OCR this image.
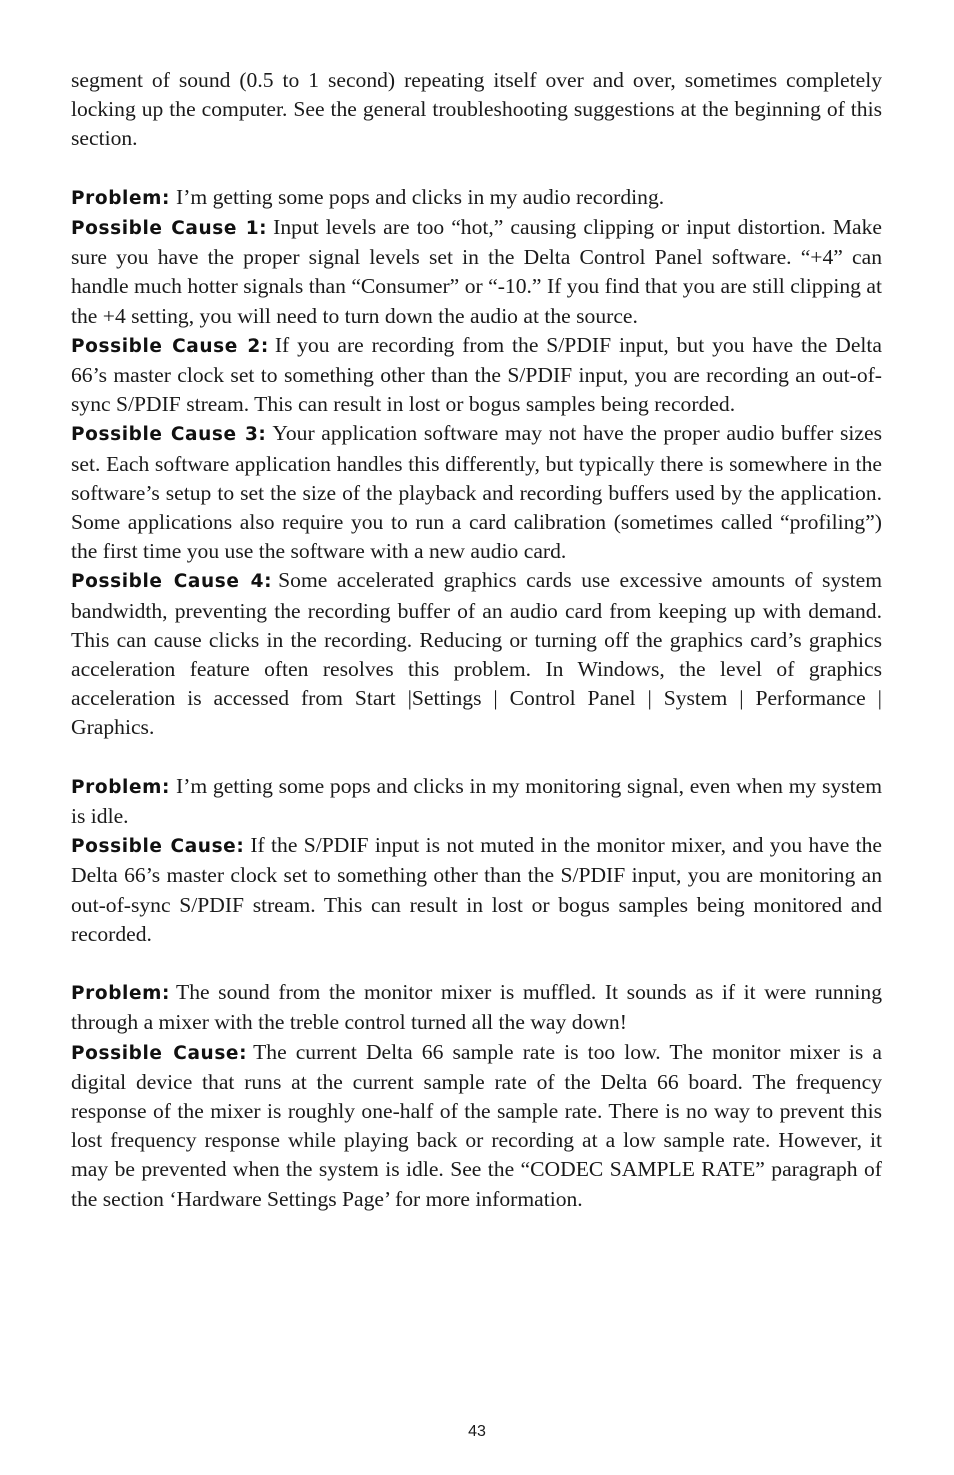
segment of sound (0.5 to 1 second) repeating itself over and over, sometimes completely locking up the computer. See the general troubleshooting suggestions at the beginning of this section.

Problem: I’m getting some pops and clicks in my audio recording.

Possible Cause 1: Input levels are too “hot,” causing clipping or input distortion. Make sure you have the proper signal levels set in the Delta Control Panel software. “+4” can handle much hotter signals than “Consumer” or “-10.” If you find that you are still clipping at the +4 setting, you will need to turn down the audio at the source.

Possible Cause 2: If you are recording from the S/PDIF input, but you have the Delta 66’s master clock set to something other than the S/PDIF input, you are recording an out-of-sync S/PDIF stream. This can result in lost or bogus samples being recorded.

Possible Cause 3: Your application software may not have the proper audio buffer sizes set. Each software application handles this differently, but typically there is somewhere in the software’s setup to set the size of the playback and recording buffers used by the application. Some applications also require you to run a card calibration (sometimes called “profiling”) the first time you use the software with a new audio card.

Possible Cause 4: Some accelerated graphics cards use excessive amounts of system bandwidth, preventing the recording buffer of an audio card from keeping up with demand. This can cause clicks in the recording. Reducing or turning off the graphics card’s graphics acceleration feature often resolves this problem. In Windows, the level of graphics acceleration is accessed from Start |Settings | Control Panel | System | Performance | Graphics.

Problem: I’m getting some pops and clicks in my monitoring signal, even when my system is idle.

Possible Cause: If the S/PDIF input is not muted in the monitor mixer, and you have the Delta 66’s master clock set to something other than the S/PDIF input, you are monitoring an out-of-sync S/PDIF stream. This can result in lost or bogus samples being monitored and recorded.

Problem: The sound from the monitor mixer is muffled. It sounds as if it were running through a mixer with the treble control turned all the way down!

Possible Cause: The current Delta 66 sample rate is too low. The monitor mixer is a digital device that runs at the current sample rate of the Delta 66 board. The frequency response of the mixer is roughly one-half of the sample rate. There is no way to prevent this lost frequency response while playing back or recording at a low sample rate. However, it may be prevented when the system is idle. See the “CODEC SAMPLE RATE” paragraph of the section ‘Hardware Settings Page’ for more information.

43
